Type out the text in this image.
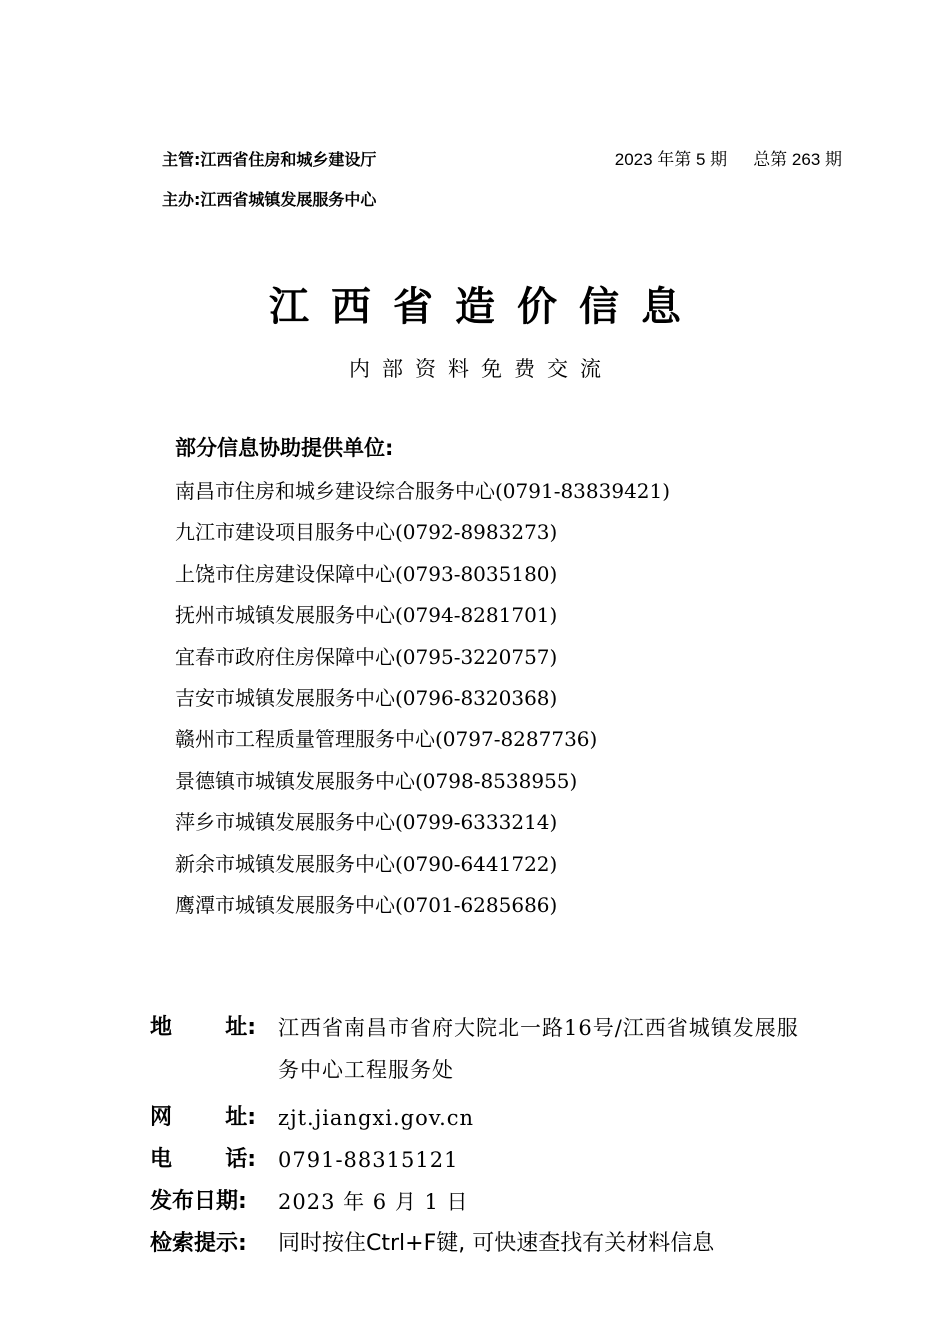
主管:江西省住房和城乡建设厅
主办:江西省城镇发展服务中心
2023 年第 5 期 总第 263 期
江西省造价信息
内部资料免费交流
部分信息协助提供单位:
南昌市住房和城乡建设综合服务中心(0791-83839421)
九江市建设项目服务中心(0792-8983273)
上饶市住房建设保障中心(0793-8035180)
抚州市城镇发展服务中心(0794-8281701)
宜春市政府住房保障中心(0795-3220757)
吉安市城镇发展服务中心(0796-8320368)
赣州市工程质量管理服务中心(0797-8287736)
景德镇市城镇发展服务中心(0798-8538955)
萍乡市城镇发展服务中心(0799-6333214)
新余市城镇发展服务中心(0790-6441722)
鹰潭市城镇发展服务中心(0701-6285686)
地 址: 江西省南昌市省府大院北一路16号/江西省城镇发展服务中心工程服务处
网 址: zjt.jiangxi.gov.cn
电 话: 0791-88315121
发布日期:	2023 年 6 月 1 日
检索提示:	同时按住Ctrl+F键, 可快速查找有关材料信息
